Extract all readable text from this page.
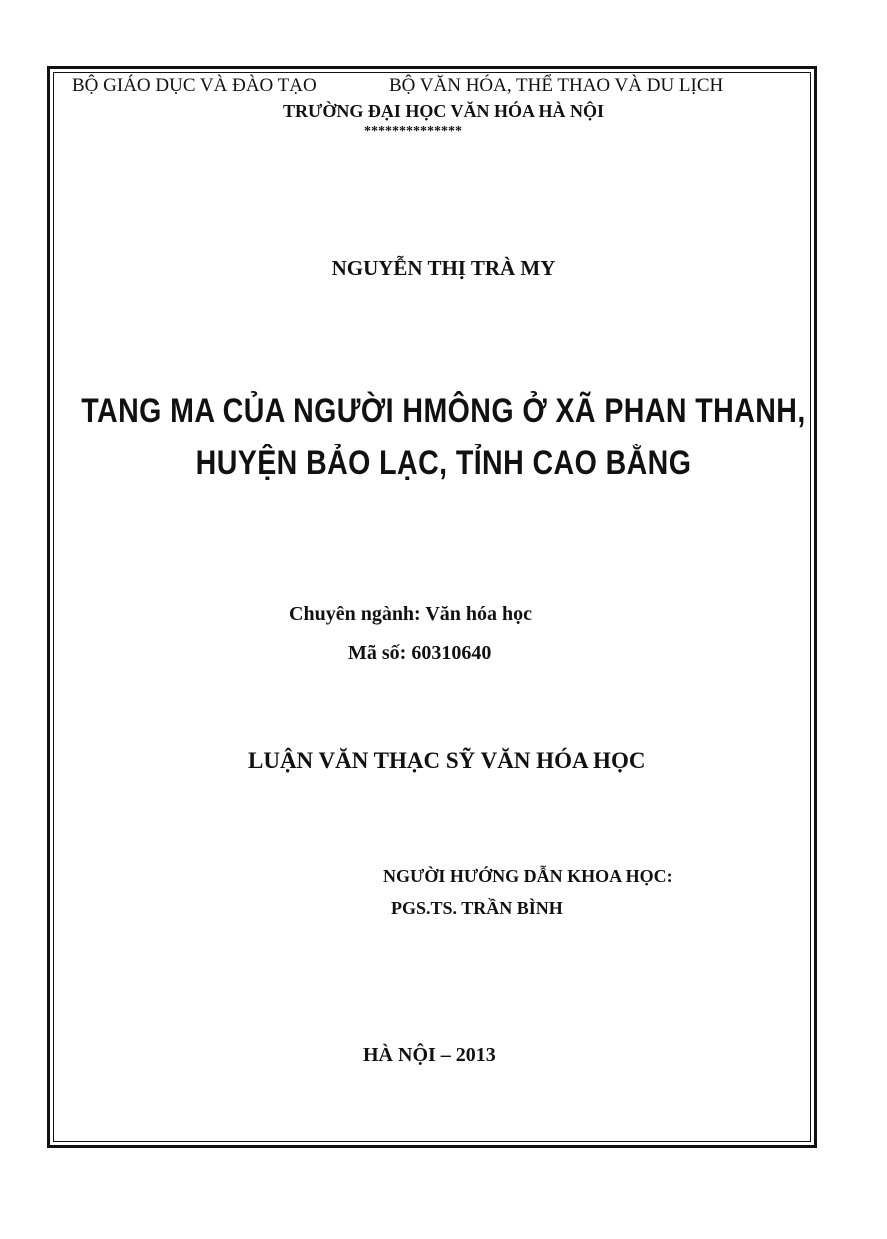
BỘ GIÁO DỤC VÀ ĐÀO TẠO	BỘ VĂN HÓA, THỂ THAO VÀ DU LỊCH
TRƯỜNG ĐẠI HỌC VĂN HÓA HÀ NỘI
**************
NGUYỄN THỊ TRÀ MY
TANG MA CỦA NGƯỜI HMÔNG Ở XÃ PHAN THANH,
HUYỆN BẢO LẠC, TỈNH CAO BẰNG
Chuyên ngành: Văn hóa học
Mã số: 60310640
LUẬN VĂN THẠC SỸ VĂN HÓA HỌC
NGƯỜI HƯỚNG DẪN KHOA HỌC:
PGS.TS. TRẦN BÌNH
HÀ NỘI – 2013
